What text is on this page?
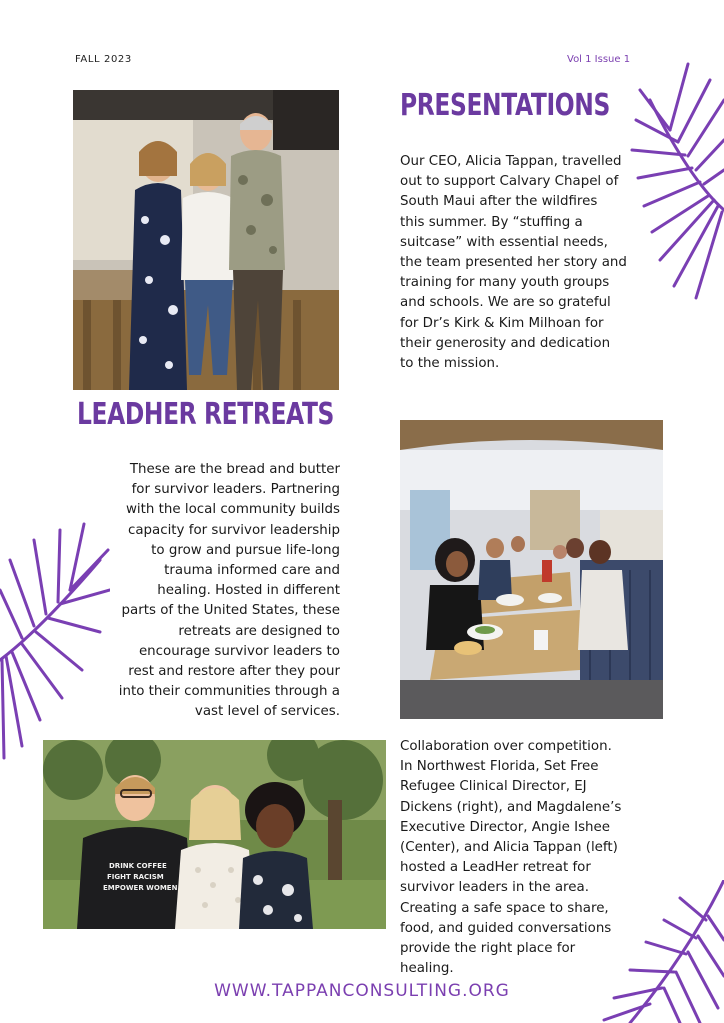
FALL 2023	Vol 1 Issue 1
PRESENTATIONS
Our CEO, Alicia Tappan, travelled
out to support Calvary Chapel of
South Maui after the wildfires
this summer. By “stuffing a
suitcase” with essential needs,
the team presented her story and
training for many youth groups
and schools. We are so grateful
for Dr’s Kirk & Kim Milhoan for
their generosity and dedication
to the mission.
LEADHER RETREATS
These are the bread and butter
for survivor leaders. Partnering
with the local community builds
capacity for survivor leadership
to grow and pursue life-long
trauma informed care and
healing. Hosted in different
parts of the United States, these
retreats are designed to
encourage survivor leaders to
rest and restore after they pour
into their communities through a
vast level of services.
DRINK COFFEE
FIGHT RACISM
EMPOWER WOMEN
Collaboration over competition.
In Northwest Florida, Set Free
Refugee Clinical Director, EJ
Dickens (right), and Magdalene’s
Executive Director, Angie Ishee
(Center), and Alicia Tappan (left)
hosted a LeadHer retreat for
survivor leaders in the area.
Creating a safe space to share,
food, and guided conversations
provide the right place for
healing.
WWW.TAPPANCONSULTING.ORG
